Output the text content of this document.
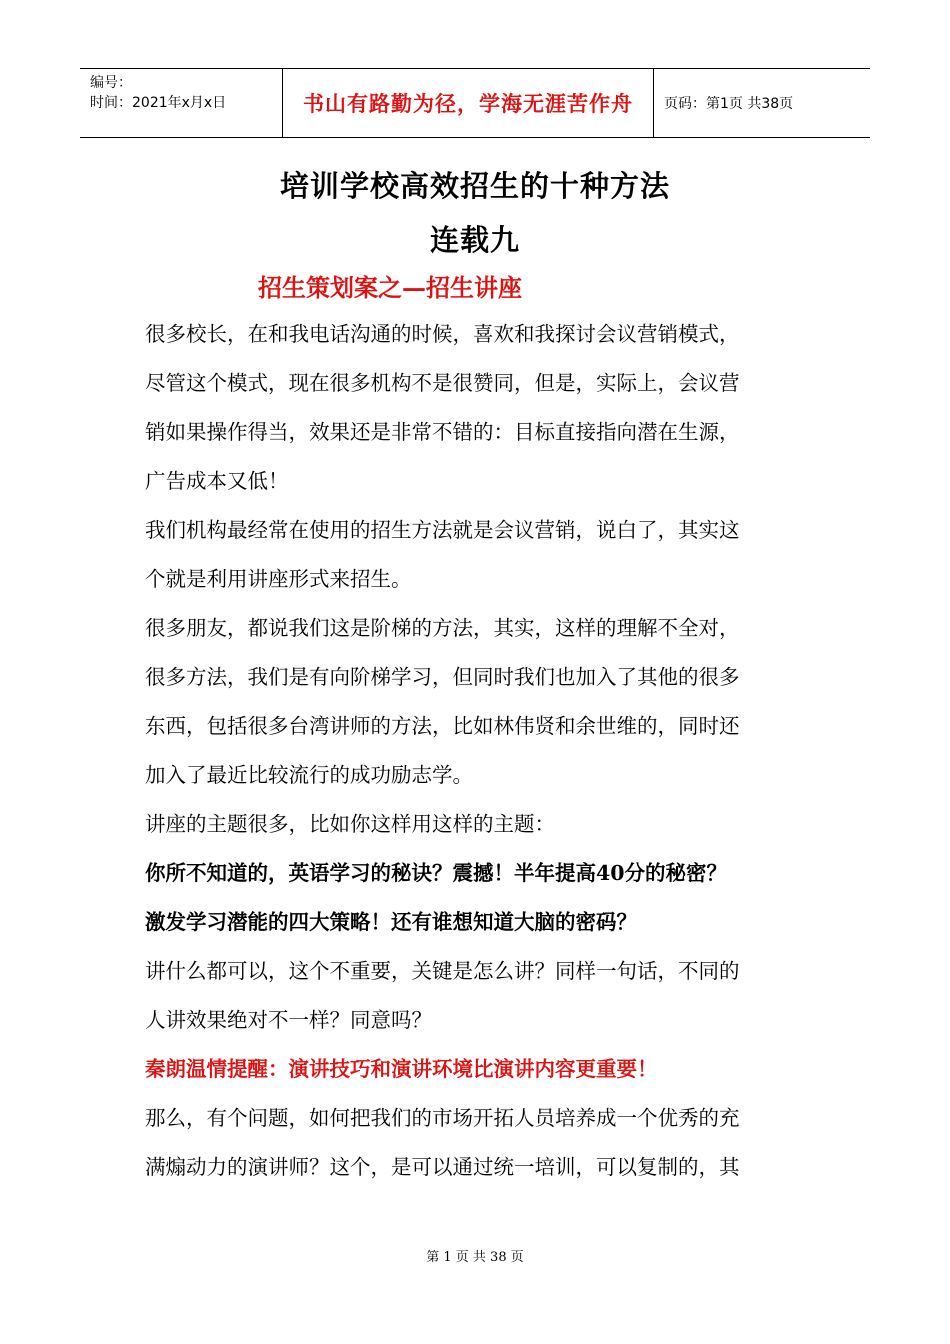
编号：
时间：2021年x月x日	书山有路勤为径，学海无涯苦作舟	页码：第1页 共38页
培训学校高效招生的十种方法
连载九
招生策划案之—招生讲座
很多校长，在和我电话沟通的时候，喜欢和我探讨会议营销模式，
尽管这个模式，现在很多机构不是很赞同，但是，实际上，会议营
销如果操作得当，效果还是非常不错的：目标直接指向潜在生源，
广告成本又低！
我们机构最经常在使用的招生方法就是会议营销，说白了，其实这
个就是利用讲座形式来招生。
很多朋友，都说我们这是阶梯的方法，其实，这样的理解不全对，
很多方法，我们是有向阶梯学习，但同时我们也加入了其他的很多
东西，包括很多台湾讲师的方法，比如林伟贤和余世维的，同时还
加入了最近比较流行的成功励志学。
讲座的主题很多，比如你这样用这样的主题：
你所不知道的，英语学习的秘诀？震撼！半年提高40分的秘密？
激发学习潜能的四大策略！还有谁想知道大脑的密码？
讲什么都可以，这个不重要，关键是怎么讲？同样一句话，不同的
人讲效果绝对不一样？同意吗？
秦朗温情提醒：演讲技巧和演讲环境比演讲内容更重要！
那么，有个问题，如何把我们的市场开拓人员培养成一个优秀的充
满煽动力的演讲师？这个，是可以通过统一培训，可以复制的，其
第 1 页 共 38 页
